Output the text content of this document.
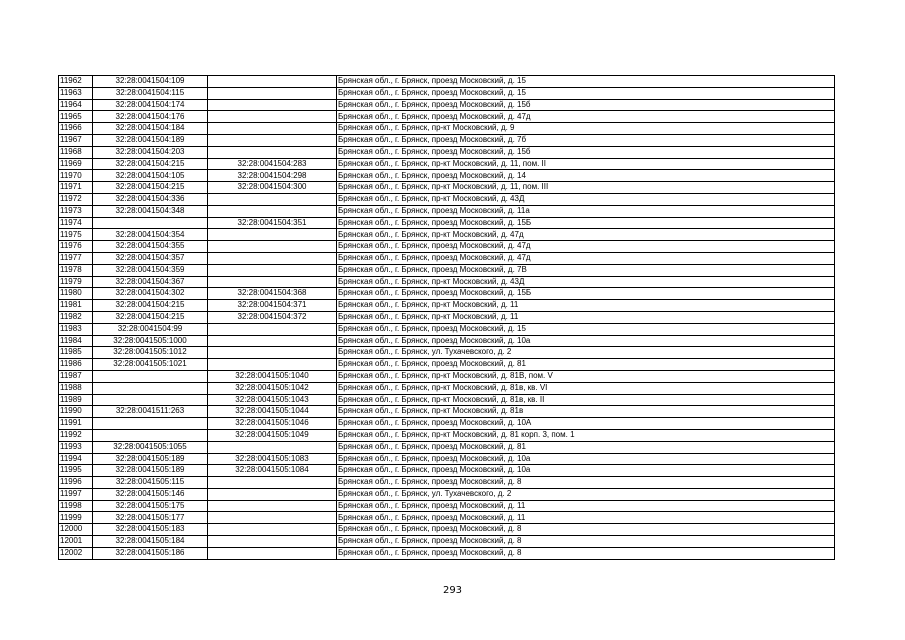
11962	32:28:0041504:109		Брянская обл., г. Брянск, проезд Московский, д. 15
11963	32:28:0041504:115		Брянская обл., г. Брянск, проезд Московский, д. 15
11964	32:28:0041504:174		Брянская обл., г. Брянск, проезд Московский, д. 15б
11965	32:28:0041504:176		Брянская обл., г. Брянск, проезд Московский, д. 47д
11966	32:28:0041504:184		Брянская обл., г. Брянск, пр-кт Московский, д. 9
11967	32:28:0041504:189		Брянская обл., г. Брянск, проезд Московский, д. 7б
11968	32:28:0041504:203		Брянская обл., г. Брянск, проезд Московский, д. 15б
11969	32:28:0041504:215	32:28:0041504:283	Брянская обл., г. Брянск, пр-кт Московский, д. 11, пом. II
11970	32:28:0041504:105	32:28:0041504:298	Брянская обл., г. Брянск, проезд Московский, д. 14
11971	32:28:0041504:215	32:28:0041504:300	Брянская обл., г. Брянск, пр-кт Московский, д. 11, пом. III
11972	32:28:0041504:336		Брянская обл., г. Брянск, пр-кт Московский, д. 43Д
11973	32:28:0041504:348		Брянская обл., г. Брянск, проезд Московский, д. 11а
11974		32:28:0041504:351	Брянская обл., г. Брянск, проезд Московский, д. 15Б
11975	32:28:0041504:354		Брянская обл., г. Брянск, пр-кт Московский, д. 47д
11976	32:28:0041504:355		Брянская обл., г. Брянск, проезд Московский, д. 47д
11977	32:28:0041504:357		Брянская обл., г. Брянск, проезд Московский, д. 47д
11978	32:28:0041504:359		Брянская обл., г. Брянск, проезд Московский, д. 7В
11979	32:28:0041504:367		Брянская обл., г. Брянск, пр-кт Московский, д. 43Д
11980	32:28:0041504:302	32:28:0041504:368	Брянская обл., г. Брянск, проезд Московский, д. 15Б
11981	32:28:0041504:215	32:28:0041504:371	Брянская обл., г. Брянск, пр-кт Московский, д. 11
11982	32:28:0041504:215	32:28:0041504:372	Брянская обл., г. Брянск, пр-кт Московский, д. 11
11983	32:28:0041504:99		Брянская обл., г. Брянск, проезд Московский, д. 15
11984	32:28:0041505:1000		Брянская обл., г. Брянск, проезд Московский, д. 10а
11985	32:28:0041505:1012		Брянская обл., г. Брянск, ул. Тухачевского, д. 2
11986	32:28:0041505:1021		Брянская обл., г. Брянск, проезд Московский, д. 81
11987		32:28:0041505:1040	Брянская обл., г. Брянск, пр-кт Московский, д. 81В, пом. V
11988		32:28:0041505:1042	Брянская обл., г. Брянск, пр-кт Московский, д. 81в, кв. VI
11989		32:28:0041505:1043	Брянская обл., г. Брянск, пр-кт Московский, д. 81в, кв. II
11990	32:28:0041511:263	32:28:0041505:1044	Брянская обл., г. Брянск, пр-кт Московский, д. 81в
11991		32:28:0041505:1046	Брянская обл., г. Брянск, проезд Московский, д. 10А
11992		32:28:0041505:1049	Брянская обл., г. Брянск, пр-кт Московский, д. 81 корп. 3, пом. 1
11993	32:28:0041505:1055		Брянская обл., г. Брянск, проезд Московский, д. 81
11994	32:28:0041505:189	32:28:0041505:1083	Брянская обл., г. Брянск, проезд Московский, д. 10а
11995	32:28:0041505:189	32:28:0041505:1084	Брянская обл., г. Брянск, проезд Московский, д. 10а
11996	32:28:0041505:115		Брянская обл., г. Брянск, проезд Московский, д. 8
11997	32:28:0041505:146		Брянская обл., г. Брянск, ул. Тухачевского, д. 2
11998	32:28:0041505:175		Брянская обл., г. Брянск, проезд Московский, д. 11
11999	32:28:0041505:177		Брянская обл., г. Брянск, проезд Московский, д. 11
12000	32:28:0041505:183		Брянская обл., г. Брянск, проезд Московский, д. 8
12001	32:28:0041505:184		Брянская обл., г. Брянск, проезд Московский, д. 8
12002	32:28:0041505:186		Брянская обл., г. Брянск, проезд Московский, д. 8
293
